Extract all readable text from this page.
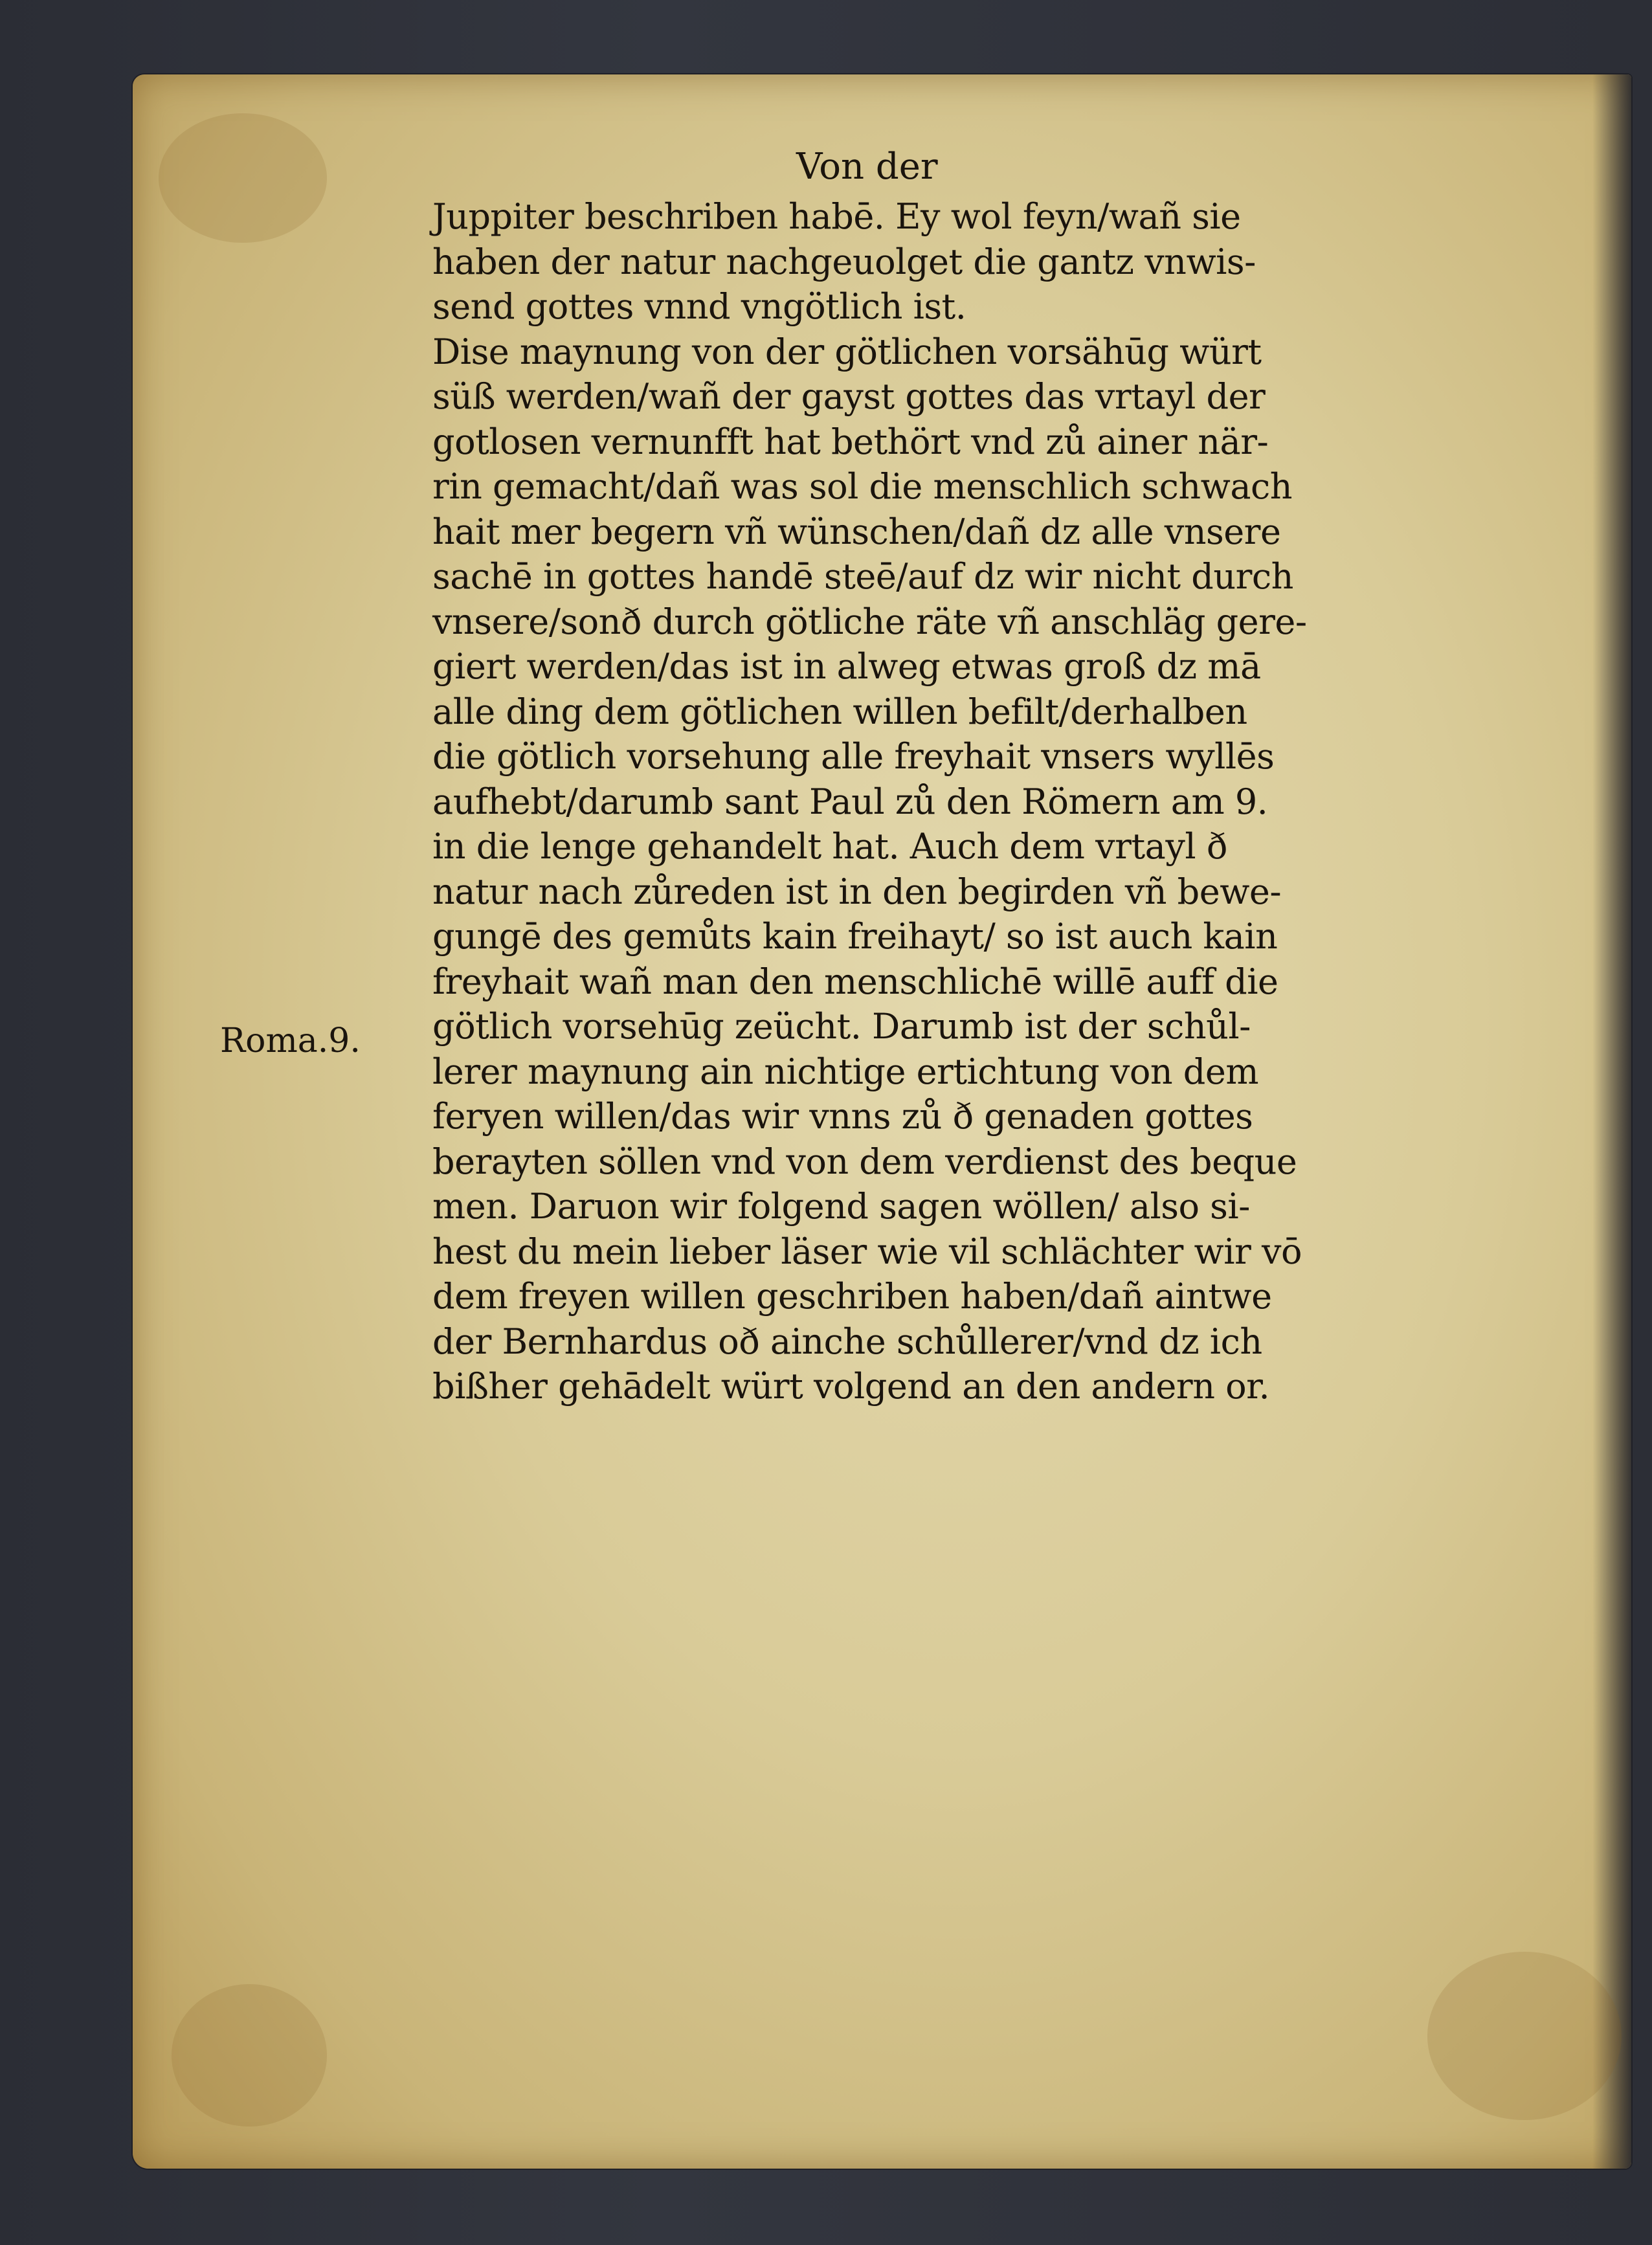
Von der
Roma.9.
Juppiter beschriben habē. Ey wol feyn/wañ sie
haben der natur nachgeuolget die gantz vnwis-
send gottes vnnd vngötlich ist.
Dise maynung von der götlichen vorsähūg würt
süß werden/wañ der gayst gottes das vrtayl der
gotlosen vernunfft hat bethört vnd zů ainer när-
rin gemacht/dañ was sol die menschlich schwach
hait mer begern vñ wünschen/dañ dz alle vnsere
sachē in gottes handē steē/auf dz wir nicht durch
vnsere/sonð durch götliche räte vñ anschläg gere-
giert werden/das ist in alweg etwas groß dz mā
alle ding dem götlichen willen befilt/derhalben
die götlich vorsehung alle freyhait vnsers wyllēs
aufhebt/darumb sant Paul zů den Römern am 9.
in die lenge gehandelt hat. Auch dem vrtayl ð
natur nach zůreden ist in den begirden vñ bewe-
gungē des gemůts kain freihayt/ so ist auch kain
freyhait wañ man den menschlichē willē auff die
götlich vorsehūg zeücht. Darumb ist der schůl-
lerer maynung ain nichtige ertichtung von dem
feryen willen/das wir vnns zů ð genaden gottes
berayten söllen vnd von dem verdienst des beque
men. Daruon wir folgend sagen wöllen/ also si-
hest du mein lieber läser wie vil schlächter wir vō
dem freyen willen geschriben haben/dañ aintwe
der Bernhardus oð ainche schůllerer/vnd dz ich
bißher gehādelt würt volgend an den andern or.
